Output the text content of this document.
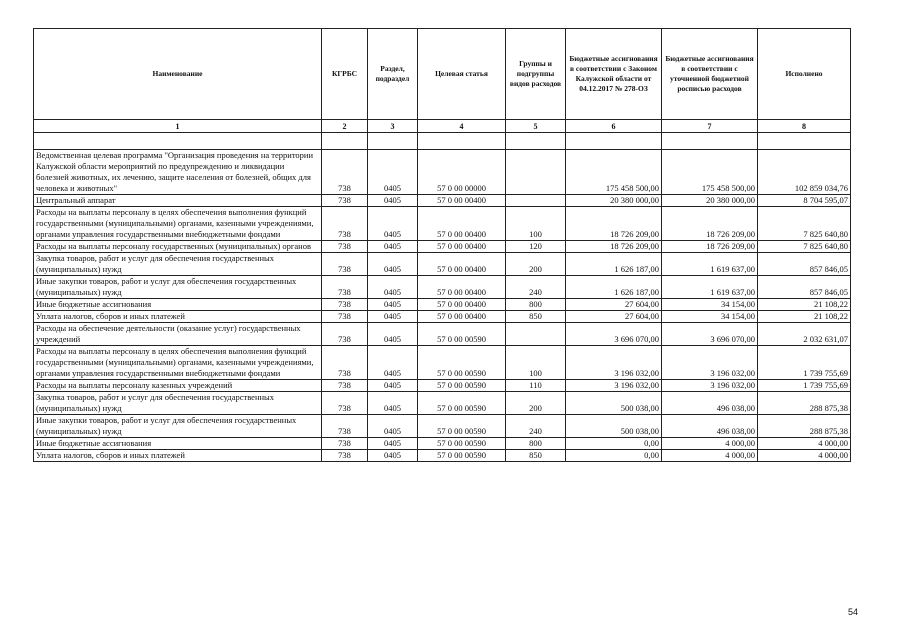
Наименование	КГРБС	Раздел, подраздел	Целевая статья	Группы и подгруппы видов расходов	Бюджетные ассигнования в соответствии с Законом Калужской области от 04.12.2017 № 278-ОЗ	Бюджетные ассигнования в соответствии с уточненной бюджетной росписью расходов	Исполнено
1	2	3	4	5	6	7	8

Ведомственная целевая программа "Организация проведения на территории Калужской области мероприятий по предупреждению и ликвидации болезней животных, их лечению, защите населения от болезней, общих для человека и животных"	738	0405	57 0 00 00000		175 458 500,00	175 458 500,00	102 859 034,76
Центральный аппарат	738	0405	57 0 00 00400		20 380 000,00	20 380 000,00	8 704 595,07
Расходы на выплаты персоналу в целях обеспечения выполнения функций государственными (муниципальными) органами, казенными учреждениями, органами управления государственными внебюджетными фондами	738	0405	57 0 00 00400	100	18 726 209,00	18 726 209,00	7 825 640,80
Расходы на выплаты персоналу государственных (муниципальных) органов	738	0405	57 0 00 00400	120	18 726 209,00	18 726 209,00	7 825 640,80
Закупка товаров, работ и услуг для обеспечения государственных (муниципальных) нужд	738	0405	57 0 00 00400	200	1 626 187,00	1 619 637,00	857 846,05
Иные закупки товаров, работ и услуг для обеспечения государственных (муниципальных) нужд	738	0405	57 0 00 00400	240	1 626 187,00	1 619 637,00	857 846,05
Иные бюджетные ассигнования	738	0405	57 0 00 00400	800	27 604,00	34 154,00	21 108,22
Уплата налогов, сборов и иных платежей	738	0405	57 0 00 00400	850	27 604,00	34 154,00	21 108,22
Расходы на обеспечение деятельности (оказание услуг) государственных учреждений	738	0405	57 0 00 00590		3 696 070,00	3 696 070,00	2 032 631,07
Расходы на выплаты персоналу в целях обеспечения выполнения функций государственными (муниципальными) органами, казенными учреждениями, органами управления государственными внебюджетными фондами	738	0405	57 0 00 00590	100	3 196 032,00	3 196 032,00	1 739 755,69
Расходы на выплаты персоналу казенных учреждений	738	0405	57 0 00 00590	110	3 196 032,00	3 196 032,00	1 739 755,69
Закупка товаров, работ и услуг для обеспечения государственных (муниципальных) нужд	738	0405	57 0 00 00590	200	500 038,00	496 038,00	288 875,38
Иные закупки товаров, работ и услуг для обеспечения государственных (муниципальных) нужд	738	0405	57 0 00 00590	240	500 038,00	496 038,00	288 875,38
Иные бюджетные ассигнования	738	0405	57 0 00 00590	800	0,00	4 000,00	4 000,00
Уплата налогов, сборов и иных платежей	738	0405	57 0 00 00590	850	0,00	4 000,00	4 000,00
54
